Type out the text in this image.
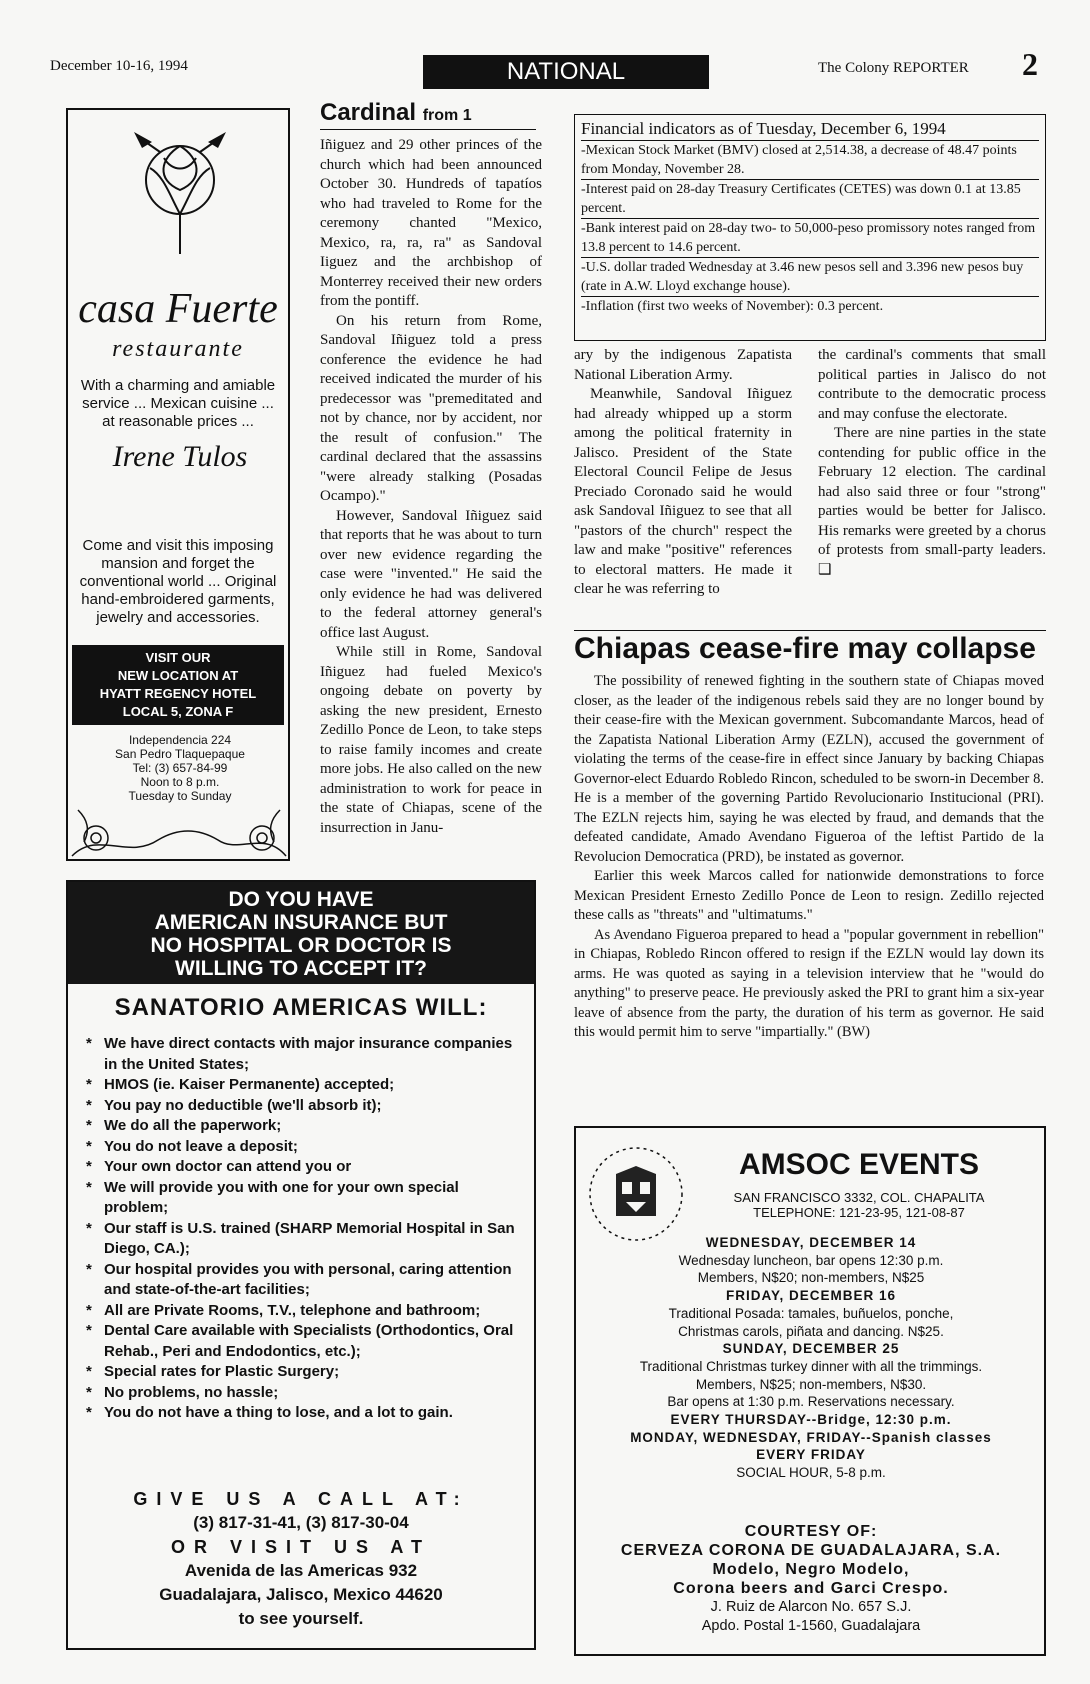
December 10-16, 1994	NATIONAL	The Colony REPORTER 2
casa Fuerte
restaurante
With a charming and amiable service ... Mexican cuisine ... at reasonable prices ...
Irene Tulos
Come and visit this imposing mansion and forget the conventional world ... Original hand-embroidered garments, jewelry and accessories.
VISIT OUR
NEW LOCATION AT
HYATT REGENCY HOTEL
LOCAL 5, ZONA F
Independencia 224
San Pedro Tlaquepaque
Tel: (3) 657-84-99
Noon to 8 p.m.
Tuesday to Sunday
Cardinal from 1

Iñiguez and 29 other princes of the church which had been announced October 30. Hundreds of tapatíos who had traveled to Rome for the ceremony chanted "Mexico, Mexico, ra, ra, ra" as Sandoval Iiguez and the archbishop of Monterrey received their new orders from the pontiff.

On his return from Rome, Sandoval Iñiguez told a press conference the evidence he had received indicated the murder of his predecessor was "premeditated and not by chance, nor by accident, nor the result of confusion." The cardinal declared that the assassins "were already stalking (Posadas Ocampo)."

However, Sandoval Iñiguez said that reports that he was about to turn over new evidence regarding the case were "invented." He said the only evidence he had was delivered to the federal attorney general's office last August.

While still in Rome, Sandoval Iñiguez had fueled Mexico's ongoing debate on poverty by asking the new president, Ernesto Zedillo Ponce de Leon, to take steps to raise family incomes and create more jobs. He also called on the new administration to work for peace in the state of Chiapas, scene of the insurrection in Janu-

ary by the indigenous Zapatista National Liberation Army.

Meanwhile, Sandoval Iñiguez had already whipped up a storm among the political fraternity in Jalisco. President of the State Electoral Council Felipe de Jesus Preciado Coronado said he would ask Sandoval Iñiguez to see that all "pastors of the church" respect the law and make "positive" references to electoral matters. He made it clear he was referring to

the cardinal's comments that small political parties in Jalisco do not contribute to the democratic process and may confuse the electorate.

There are nine parties in the state contending for public office in the February 12 election. The cardinal had also said three or four "strong" parties would be better for Jalisco. His remarks were greeted by a chorus of protests from small-party leaders. ❑

Financial indicators as of Tuesday, December 6, 1994

-Mexican Stock Market (BMV) closed at 2,514.38, a decrease of 48.47 points from Monday, November 28.

-Interest paid on 28-day Treasury Certificates (CETES) was down 0.1 at 13.85 percent.

-Bank interest paid on 28-day two- to 50,000-peso promissory notes ranged from 13.8 percent to 14.6 percent.

-U.S. dollar traded Wednesday at 3.46 new pesos sell and 3.396 new pesos buy (rate in A.W. Lloyd exchange house).

-Inflation (first two weeks of November): 0.3 percent.

Chiapas cease-fire may collapse

The possibility of renewed fighting in the southern state of Chiapas moved closer, as the leader of the indigenous rebels said they are no longer bound by their cease-fire with the Mexican government. Subcomandante Marcos, head of the Zapatista National Liberation Army (EZLN), accused the government of violating the terms of the cease-fire in effect since January by backing Chiapas Governor-elect Eduardo Robledo Rincon, scheduled to be sworn-in December 8. He is a member of the governing Partido Revolucionario Institucional (PRI). The EZLN rejects him, saying he was elected by fraud, and demands that the defeated candidate, Amado Avendano Figueroa of the leftist Partido de la Revolucion Democratica (PRD), be instated as governor.

Earlier this week Marcos called for nationwide demonstrations to force Mexican President Ernesto Zedillo Ponce de Leon to resign. Zedillo rejected these calls as "threats" and "ultimatums."

As Avendano Figueroa prepared to head a "popular government in rebellion" in Chiapas, Robledo Rincon offered to resign if the EZLN would lay down its arms. He was quoted as saying in a television interview that he "would do anything" to preserve peace. He previously asked the PRI to grant him a six-year leave of absence from the party, the duration of his term as governor. He said this would permit him to serve "impartially." (BW)

DO YOU HAVE
AMERICAN INSURANCE BUT
NO HOSPITAL OR DOCTOR IS
WILLING TO ACCEPT IT?
SANATORIO AMERICAS WILL:
* We have direct contacts with major insurance companies in the United States;
* HMOS (ie. Kaiser Permanente) accepted;
* You pay no deductible (we'll absorb it);
* We do all the paperwork;
* You do not leave a deposit;
* Your own doctor can attend you or
* We will provide you with one for your own special problem;
* Our staff is U.S. trained (SHARP Memorial Hospital in San Diego, CA.);
* Our hospital provides you with personal, caring attention and state-of-the-art facilities;
* All are Private Rooms, T.V., telephone and bathroom;
* Dental Care available with Specialists (Orthodontics, Oral Rehab., Peri and Endodontics, etc.);
* Special rates for Plastic Surgery;
* No problems, no hassle;
* You do not have a thing to lose, and a lot to gain.
GIVE US A CALL AT:
(3) 817-31-41, (3) 817-30-04
OR VISIT US AT
Avenida de las Americas 932
Guadalajara, Jalisco, Mexico 44620
to see yourself.
AMSOC EVENTS
SAN FRANCISCO 3332, COL. CHAPALITA
TELEPHONE: 121-23-95, 121-08-87
WEDNESDAY, DECEMBER 14
Wednesday luncheon, bar opens 12:30 p.m.
Members, N$20; non-members, N$25
FRIDAY, DECEMBER 16
Traditional Posada: tamales, buñuelos, ponche,
Christmas carols, piñata and dancing. N$25.
SUNDAY, DECEMBER 25
Traditional Christmas turkey dinner with all the trimmings.
Members, N$25; non-members, N$30.
Bar opens at 1:30 p.m. Reservations necessary.
EVERY THURSDAY--Bridge, 12:30 p.m.
MONDAY, WEDNESDAY, FRIDAY--Spanish classes
EVERY FRIDAY
SOCIAL HOUR, 5-8 p.m.
COURTESY OF:
CERVEZA CORONA DE GUADALAJARA, S.A.
Modelo, Negro Modelo,
Corona beers and Garci Crespo.
J. Ruiz de Alarcon No. 657 S.J.
Apdo. Postal 1-1560, Guadalajara
